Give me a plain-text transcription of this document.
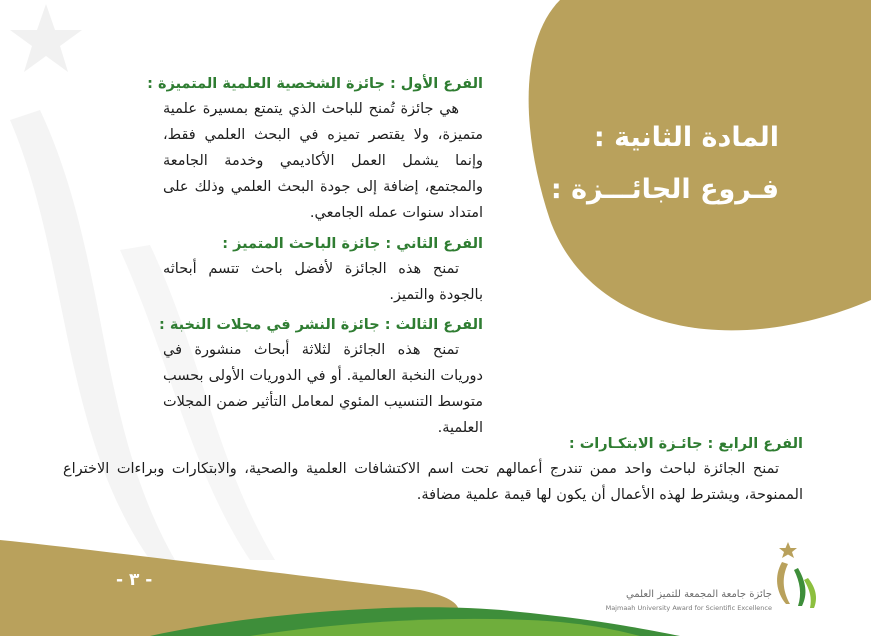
المادة الثانية :
فـروع الجائـــزة :

الفرع الأول : جائزة الشخصية العلمية المتميزة :

هي جائزة تُمنح للباحث الذي يتمتع بمسيرة علمية متميزة، ولا يقتصر تميزه في البحث العلمي فقط، وإنما يشمل العمل الأكاديمي وخدمة الجامعة والمجتمع، إضافة إلى جودة البحث العلمي وذلك على امتداد سنوات عمله الجامعي.

الفرع الثاني : جائزة الباحث المتميز :

تمنح هذه الجائزة لأفضل باحث تتسم أبحاثه بالجودة والتميز.

الفرع الثالث : جائزة النشر في مجلات النخبة :

تمنح هذه الجائزة لثلاثة أبحاث منشورة في دوريات النخبة العالمية. أو في الدوريات الأولى بحسب متوسط التنسيب المئوي لمعامل التأثير ضمن المجلات العلمية.

الفرع الرابع : جائـزة الابتكـارات :

تمنح الجائزة لباحث واحد ممن تندرج أعمالهم تحت اسم الاكتشافات العلمية والصحية، والابتكارات وبراءات الاختراع الممنوحة، ويشترط لهذه الأعمال أن يكون لها قيمة علمية مضافة.

- ٣ -
جائزة جامعة المجمعة للتميز العلمي
Majmaah University Award for Scientific Excellence
